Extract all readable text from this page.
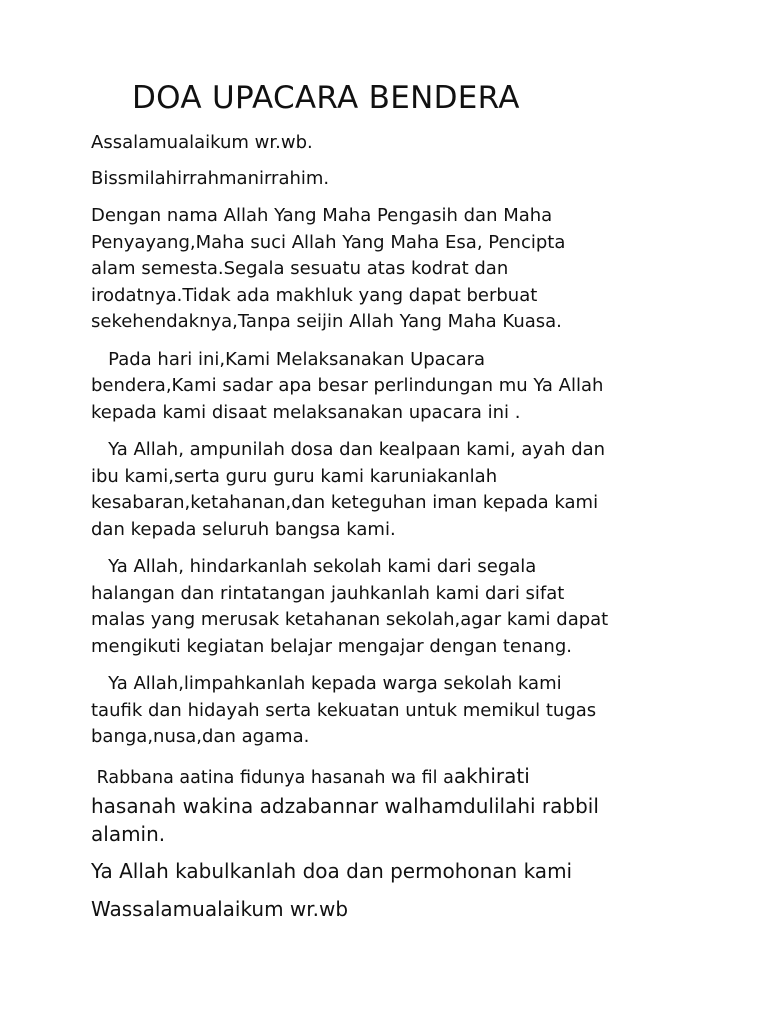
DOA UPACARA BENDERA

Assalamualaikum wr.wb.

Bissmilahirrahmanirrahim.

Dengan nama Allah Yang Maha Pengasih dan Maha

Penyayang,Maha suci Allah Yang Maha Esa, Pencipta

alam semesta.Segala sesuatu atas kodrat dan

irodatnya.Tidak ada makhluk yang dapat berbuat

sekehendaknya,Tanpa seijin Allah Yang Maha Kuasa.

Pada hari ini,Kami Melaksanakan Upacara

bendera,Kami sadar apa besar perlindungan mu Ya Allah

kepada kami disaat melaksanakan upacara ini .

Ya Allah, ampunilah dosa dan kealpaan kami, ayah dan

ibu kami,serta guru guru kami karuniakanlah

kesabaran,ketahanan,dan keteguhan iman kepada kami

dan kepada seluruh bangsa kami.

Ya Allah, hindarkanlah sekolah kami dari segala

halangan dan rintatangan jauhkanlah kami dari sifat

malas yang merusak ketahanan sekolah,agar kami dapat

mengikuti kegiatan belajar mengajar dengan tenang.

Ya Allah,limpahkanlah kepada warga sekolah kami

taufik dan hidayah serta kekuatan untuk memikul tugas

banga,nusa,dan agama.

Rabbana aatina fidunya hasanah wa fil aakhirati

hasanah wakina adzabannar walhamdulilahi rabbil

alamin.

Ya Allah kabulkanlah doa dan permohonan kami

Wassalamualaikum wr.wb
